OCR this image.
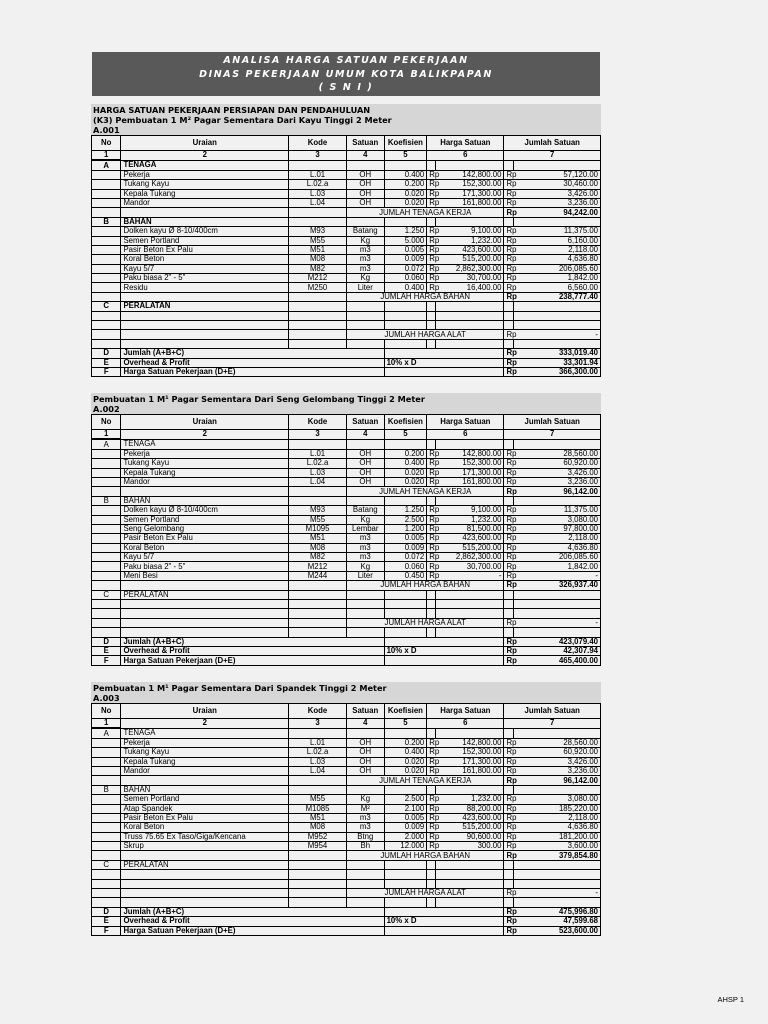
ANALISA HARGA SATUAN PEKERJAAN
DINAS PEKERJAAN UMUM KOTA BALIKPAPAN
( S N I )
HARGA SATUAN PEKERJAAN PERSIAPAN DAN PENDAHULUAN
(K3) Pembuatan 1 M² Pagar Sementara Dari Kayu Tinggi 2 Meter
A.001
No	Uraian	Kode	Satuan	Koefisien	Harga Satuan		Jumlah Satuan	
1	2	3	4	5	6		7	
A	TENAGA							
	Pekerja	L.01	OH	0.400	Rp	142,800.00	Rp	57,120.00
	Tukang Kayu	L.02.a	OH	0.200	Rp	152,300.00	Rp	30,460.00
	Kepala Tukang	L.03	OH	0.020	Rp	171,300.00	Rp	3,426.00
	Mandor	L.04	OH	0.020	Rp	161,800.00	Rp	3,236.00
			JUMLAH TENAGA KERJA				Rp	94,242.00
B	BAHAN							
	Dolken kayu Ø 8-10/400cm	M93	Batang	1.250	Rp	9,100.00	Rp	11,375.00
	Semen Portland	M55	Kg	5.000	Rp	1,232.00	Rp	6,160.00
	Pasir Beton Ex Palu	M51	m3	0.005	Rp	423,600.00	Rp	2,118.00
	Koral Beton	M08	m3	0.009	Rp	515,200.00	Rp	4,636.80
	Kayu 5/7	M82	m3	0.072	Rp	2,862,300.00	Rp	206,085.60
	Paku biasa 2" - 5"	M212	Kg	0.060	Rp	30,700.00	Rp	1,842.00
	Residu	M250	Liter	0.400	Rp	16,400.00	Rp	6,560.00
			JUMLAH HARGA BAHAN				Rp	238,777.40
C	PERALATAN							

			JUMLAH HARGA ALAT				Rp	-

D	Jumlah (A+B+C)						Rp	333,019.40
E	Overhead & Profit			10% x D			Rp	33,301.94
F	Harga Satuan Pekerjaan (D+E)						Rp	366,300.00
Pembuatan 1 M¹ Pagar Sementara Dari Seng Gelombang Tinggi 2 Meter
A.002
No	Uraian	Kode	Satuan	Koefisien	Harga Satuan		Jumlah Satuan	
1	2	3	4	5	6		7	
A	TENAGA							
	Pekerja	L.01	OH	0.200	Rp	142,800.00	Rp	28,560.00
	Tukang Kayu	L.02.a	OH	0.400	Rp	152,300.00	Rp	60,920.00
	Kepala Tukang	L.03	OH	0.020	Rp	171,300.00	Rp	3,426.00
	Mandor	L.04	OH	0.020	Rp	161,800.00	Rp	3,236.00
			JUMLAH TENAGA KERJA				Rp	96,142.00
B	BAHAN							
	Dolken kayu Ø 8-10/400cm	M93	Batang	1.250	Rp	9,100.00	Rp	11,375.00
	Semen Portland	M55	Kg	2.500	Rp	1,232.00	Rp	3,080.00
	Seng Gelombang	M1095	Lembar	1.200	Rp	81,500.00	Rp	97,800.00
	Pasir Beton Ex Palu	M51	m3	0.005	Rp	423,600.00	Rp	2,118.00
	Koral Beton	M08	m3	0.009	Rp	515,200.00	Rp	4,636.80
	Kayu 5/7	M82	m3	0.072	Rp	2,862,300.00	Rp	206,085.60
	Paku biasa 2" - 5"	M212	Kg	0.060	Rp	30,700.00	Rp	1,842.00
	Meni Besi	M244	Liter	0.450	Rp	-	Rp	-
			JUMLAH HARGA BAHAN				Rp	326,937.40
C	PERALATAN							

			JUMLAH HARGA ALAT				Rp	-

D	Jumlah (A+B+C)						Rp	423,079.40
E	Overhead & Profit			10% x D			Rp	42,307.94
F	Harga Satuan Pekerjaan (D+E)						Rp	465,400.00
Pembuatan 1 M¹ Pagar Sementara Dari Spandek Tinggi 2 Meter
A.003
No	Uraian	Kode	Satuan	Koefisien	Harga Satuan		Jumlah Satuan	
1	2	3	4	5	6		7	
A	TENAGA							
	Pekerja	L.01	OH	0.200	Rp	142,800.00	Rp	28,560.00
	Tukang Kayu	L.02.a	OH	0.400	Rp	152,300.00	Rp	60,920.00
	Kepala Tukang	L.03	OH	0.020	Rp	171,300.00	Rp	3,426.00
	Mandor	L.04	OH	0.020	Rp	161,800.00	Rp	3,236.00
			JUMLAH TENAGA KERJA				Rp	96,142.00
B	BAHAN							
	Semen Portland	M55	Kg	2.500	Rp	1,232.00	Rp	3,080.00
	Atap Spandek	M1085	M²	2.100	Rp	88,200.00	Rp	185,220.00
	Pasir Beton Ex Palu	M51	m3	0.005	Rp	423,600.00	Rp	2,118.00
	Koral Beton	M08	m3	0.009	Rp	515,200.00	Rp	4,636.80
	Truss 75.65 Ex Taso/Giga/Kencana	M952	Btng	2.000	Rp	90,600.00	Rp	181,200.00
	Skrup	M954	Bh	12.000	Rp	300.00	Rp	3,600.00
			JUMLAH HARGA BAHAN				Rp	379,854.80
C	PERALATAN							

			JUMLAH HARGA ALAT				Rp	-

D	Jumlah (A+B+C)						Rp	475,996.80
E	Overhead & Profit			10% x D			Rp	47,599.68
F	Harga Satuan Pekerjaan (D+E)						Rp	523,600.00
AHSP 1
